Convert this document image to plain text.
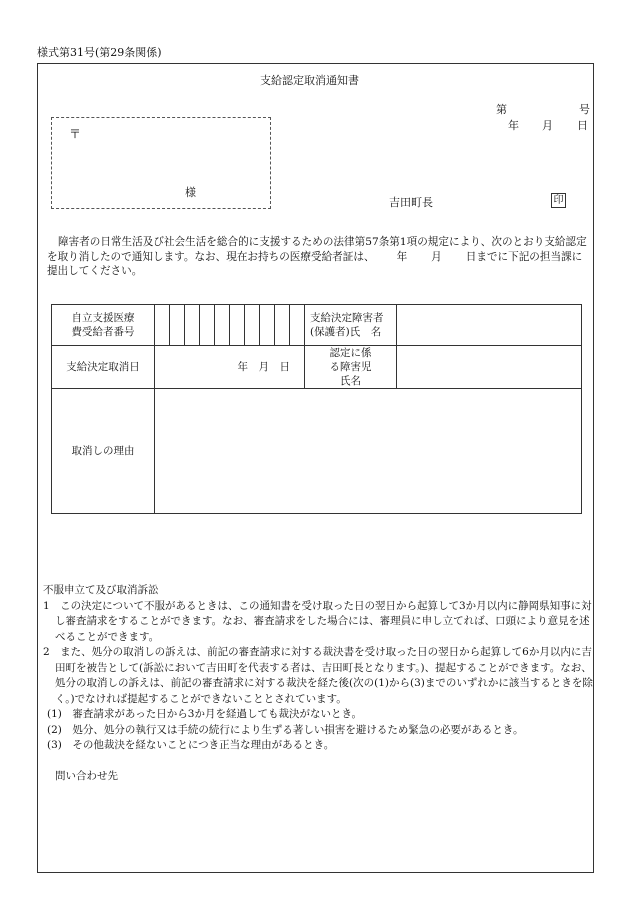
様式第31号(第29条関係)
支給認定取消通知書
第	号
年 月 日
〒
様
吉田町長	印
障害者の日常生活及び社会生活を総合的に支援するための法律第57条第1項の規定により、次のとおり支給認定を取り消したので通知します。なお、現在お持ちの医療受給者証は、 年 月 日までに下記の担当課に提出してください。
自立支援医療費受給者番号		支給決定障害者(保護者)氏　名	

支給決定取消日	年　月　日	認定に係る障害児氏名	

取消しの理由			

不服申立て及び取消訴訟

1　この決定について不服があるときは、この通知書を受け取った日の翌日から起算して3か月以内に静岡県知事に対し審査請求をすることができます。なお、審査請求をした場合には、審理員に申し立てれば、口頭により意見を述べることができます。

2　また、処分の取消しの訴えは、前記の審査請求に対する裁決書を受け取った日の翌日から起算して6か月以内に吉田町を被告として(訴訟において吉田町を代表する者は、吉田町長となります。)、提起することができます。なお、処分の取消しの訴えは、前記の審査請求に対する裁決を経た後(次の(1)から(3)までのいずれかに該当するときを除く。)でなければ提起することができないこととされています。

(1)　審査請求があった日から3か月を経過しても裁決がないとき。

(2)　処分、処分の執行又は手続の続行により生ずる著しい損害を避けるため緊急の必要があるとき。

(3)　その他裁決を経ないことにつき正当な理由があるとき。

問い合わせ先
